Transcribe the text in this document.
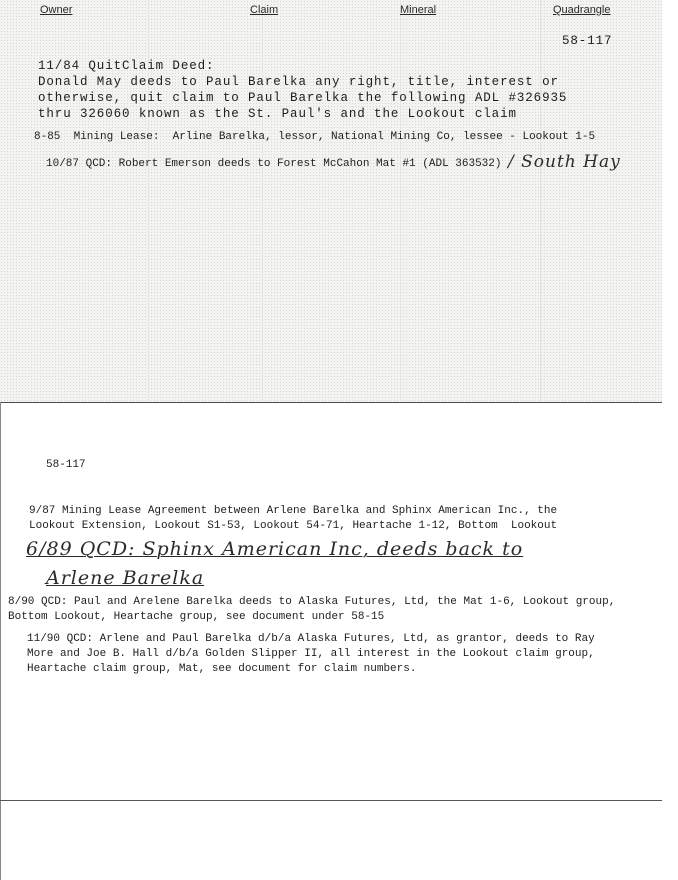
Owner	Claim	Mineral	Quadrangle
58-117
11/84 QuitClaim Deed:
Donald May deeds to Paul Barelka any right, title, interest or
otherwise, quit claim to Paul Barelka the following ADL #326935
thru 326060 known as the St. Paul's and the Lookout claim
8-85  Mining Lease:  Arline Barelka, lessor, National Mining Co, lessee - Lookout 1-5
10/87 QCD: Robert Emerson deeds to Forest McCahon Mat #1 (ADL 363532) / South Hay
58-117
9/87 Mining Lease Agreement between Arlene Barelka and Sphinx American Inc., the
Lookout Extension, Lookout S1-53, Lookout 54-71, Heartache 1-12, Bottom  Lookout
6/89 QCD: Sphinx American Inc, deeds back to
Arlene Barelka
8/90 QCD: Paul and Arelene Barelka deeds to Alaska Futures, Ltd, the Mat 1-6, Lookout group,
Bottom Lookout, Heartache group, see document under 58-15
11/90 QCD: Arlene and Paul Barelka d/b/a Alaska Futures, Ltd, as grantor, deeds to Ray
More and Joe B. Hall d/b/a Golden Slipper II, all interest in the Lookout claim group,
Heartache claim group, Mat, see document for claim numbers.
